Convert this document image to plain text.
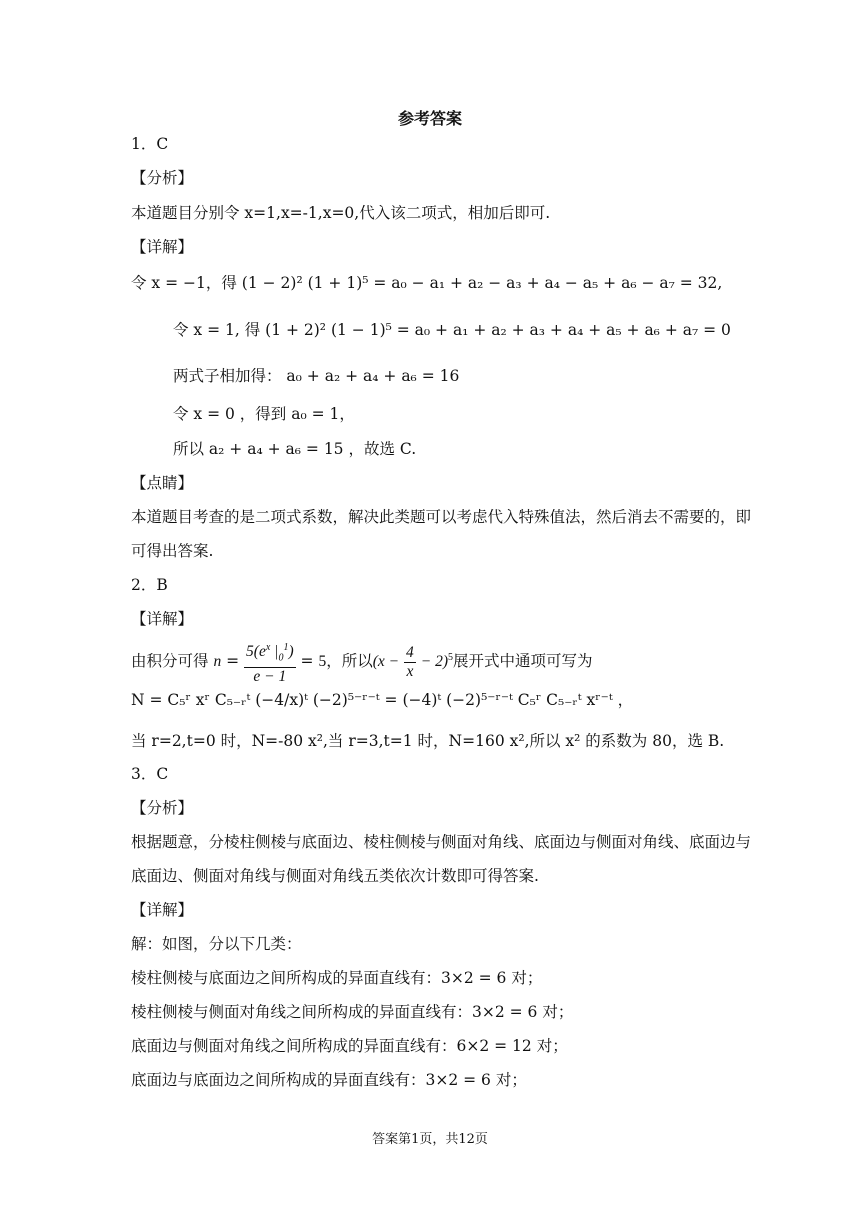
参考答案
1．C
【分析】
本道题目分别令 x=1,x=-1,x=0,代入该二项式，相加后即可.
【详解】
令 x = −1，得 (1 − 2)² (1 + 1)⁵ = a₀ − a₁ + a₂ − a₃ + a₄ − a₅ + a₆ − a₇ = 32,
令 x = 1, 得 (1 + 2)² (1 − 1)⁵ = a₀ + a₁ + a₂ + a₃ + a₄ + a₅ + a₆ + a₇ = 0
两式子相加得： a₀ + a₂ + a₄ + a₆ = 16
令 x = 0 ，得到 a₀ = 1，
所以 a₂ + a₄ + a₆ = 15 ，故选 C.
【点睛】
本道题目考查的是二项式系数，解决此类题可以考虑代入特殊值法，然后消去不需要的，即
可得出答案.
2．B
【详解】
由积分可得 $n = \frac{5(e^x |_0^1)}{e - 1} = 5$，所以$(x - \frac{4}{x} - 2)^5$展开式中通项可写为
N = C₅ʳ xʳ C₅₋ᵣᵗ (−4/x)ᵗ (−2)⁵⁻ʳ⁻ᵗ = (−4)ᵗ (−2)⁵⁻ʳ⁻ᵗ C₅ʳ C₅₋ᵣᵗ xʳ⁻ᵗ ，
当 r=2,t=0 时，N=-80 x²,当 r=3,t=1 时，N=160 x²,所以 x² 的系数为 80，选 B.
3．C
【分析】
根据题意，分棱柱侧棱与底面边、棱柱侧棱与侧面对角线、底面边与侧面对角线、底面边与
底面边、侧面对角线与侧面对角线五类依次计数即可得答案.
【详解】
解：如图，分以下几类：
棱柱侧棱与底面边之间所构成的异面直线有：3×2 = 6 对；
棱柱侧棱与侧面对角线之间所构成的异面直线有：3×2 = 6 对；
底面边与侧面对角线之间所构成的异面直线有：6×2 = 12 对；
底面边与底面边之间所构成的异面直线有：3×2 = 6 对；
答案第1页，共12页
